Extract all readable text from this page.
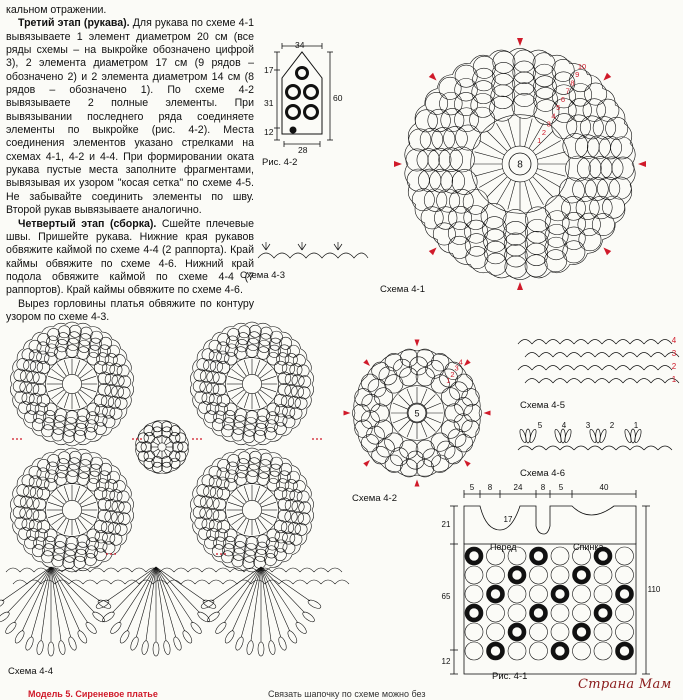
кальном отражении.

Третий этап (рукава). Для рукава по схеме 4-1 вывязываете 1 элемент диаметром 20 см (все ряды схемы – на выкройке обозначено цифрой 3), 2 элемента диаметром 17 см (9 рядов – обозначено 2) и 2 элемента диаметром 14 см (8 рядов – обозначено 1). По схеме 4-2 вывязываете 2 полные элементы. При вывязывании последнего ряда соединяете элементы по выкройке (рис. 4-2). Места соединения элементов указано стрелками на схемах 4-1, 4-2 и 4-4. При формировании оката рукава пустые места заполните фрагментами, вывязывая их узором "косая сетка" по схеме 4-5. Не забывайте соединить элементы по шву. Второй рукав вывязываете аналогично.

Четвертый этап (сборка). Сшейте плечевые швы. Пришейте рукава. Нижние края рукавов обвяжите каймой по схеме 4-4 (2 раппорта). Край каймы обвяжите по схеме 4-6. Нижний край подола обвяжите каймой по схеме 4-4 (7 раппортов). Край каймы обвяжите по схеме 4-6.

Вырез горловины платья обвяжите по контуру узором по схеме 4-3.

34
17
31
12
60
28
Рис. 4-2
Схема 4-3
8
10
9
8
7
6
5
4
3
2
1
Схема 4-1
Схема 4-4
5
4
3
2
1
Схема 4-2
4
3
2
1
Схема 4-5
5 4 3 2 1
Схема 4-6
5 8	24 8 5	40
21
65
12
17
110
Перед	Спинка
Рис. 4-1
Модель 5. Сиреневое платье	Связать шапочку по схеме можно без
Страна Мам
